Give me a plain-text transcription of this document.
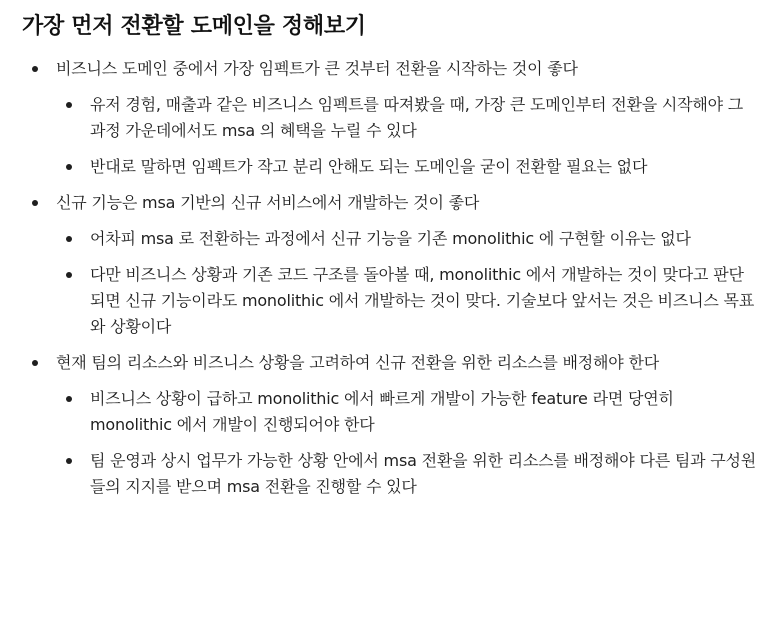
가장 먼저 전환할 도메인을 정해보기
비즈니스 도메인 중에서 가장 임펙트가 큰 것부터 전환을 시작하는 것이 좋다
유저 경험, 매출과 같은 비즈니스 임펙트를 따져봤을 때, 가장 큰 도메인부터 전환을 시작해야 그 과정 가운데에서도 msa 의 혜택을 누릴 수 있다
반대로 말하면 임펙트가 작고 분리 안해도 되는 도메인을 굳이 전환할 필요는 없다
신규 기능은 msa 기반의 신규 서비스에서 개발하는 것이 좋다
어차피 msa 로 전환하는 과정에서 신규 기능을 기존 monolithic 에 구현할 이유는 없다
다만 비즈니스 상황과 기존 코드 구조를 돌아볼 때, monolithic 에서 개발하는 것이 맞다고 판단되면 신규 기능이라도 monolithic 에서 개발하는 것이 맞다. 기술보다 앞서는 것은 비즈니스 목표와 상황이다
현재 팀의 리소스와 비즈니스 상황을 고려하여 신규 전환을 위한 리소스를 배정해야 한다
비즈니스 상황이 급하고 monolithic 에서 빠르게 개발이 가능한 feature 라면 당연히 monolithic 에서 개발이 진행되어야 한다
팀 운영과 상시 업무가 가능한 상황 안에서 msa 전환을 위한 리소스를 배정해야 다른 팀과 구성원들의 지지를 받으며 msa 전환을 진행할 수 있다
